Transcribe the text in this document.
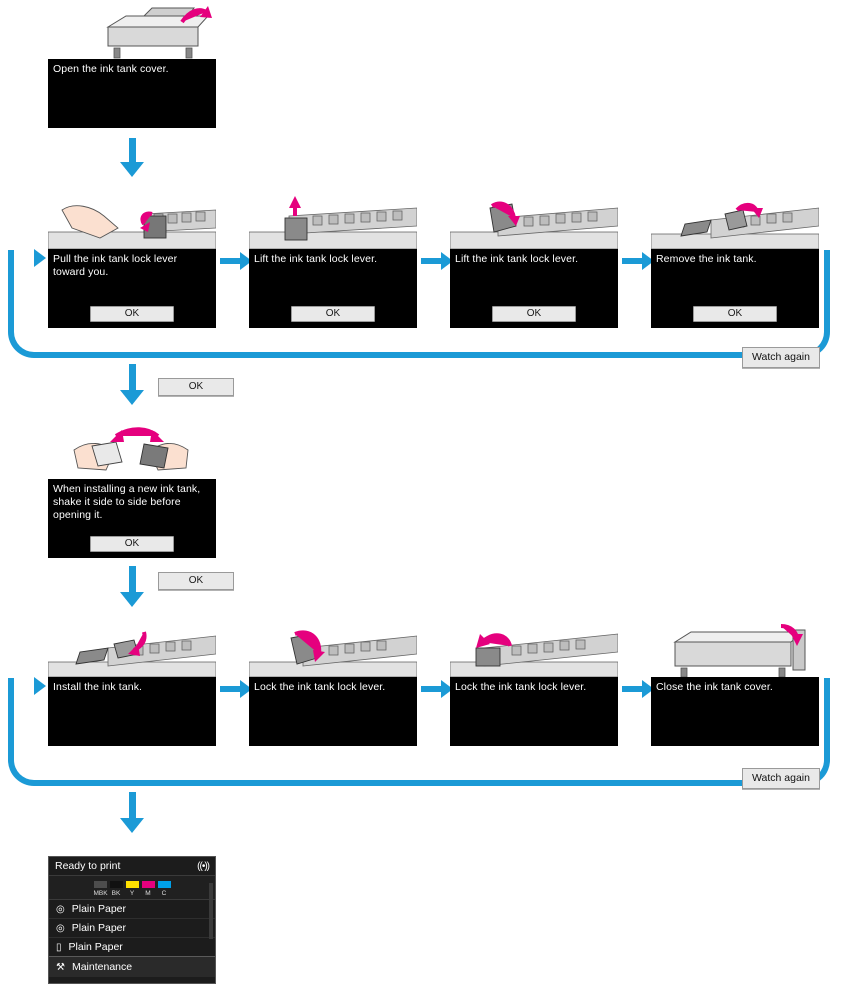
Open the ink tank cover.
Pull the ink tank lock lever toward you.
OK
Lift the ink tank lock lever.
OK
Lift the ink tank lock lever.
OK
Remove the ink tank.
OK
Watch again
OK
When installing a new ink tank, shake it side to side before opening it.
OK
OK
Install the ink tank.	Lock the ink tank lock lever.	Lock the ink tank lock lever.	Close the ink tank cover.
Watch again
Ready to print	((•))
MBK BK	Y	M	C
◎ Plain Paper
◎ Plain Paper
▯ Plain Paper
⚒ Maintenance
